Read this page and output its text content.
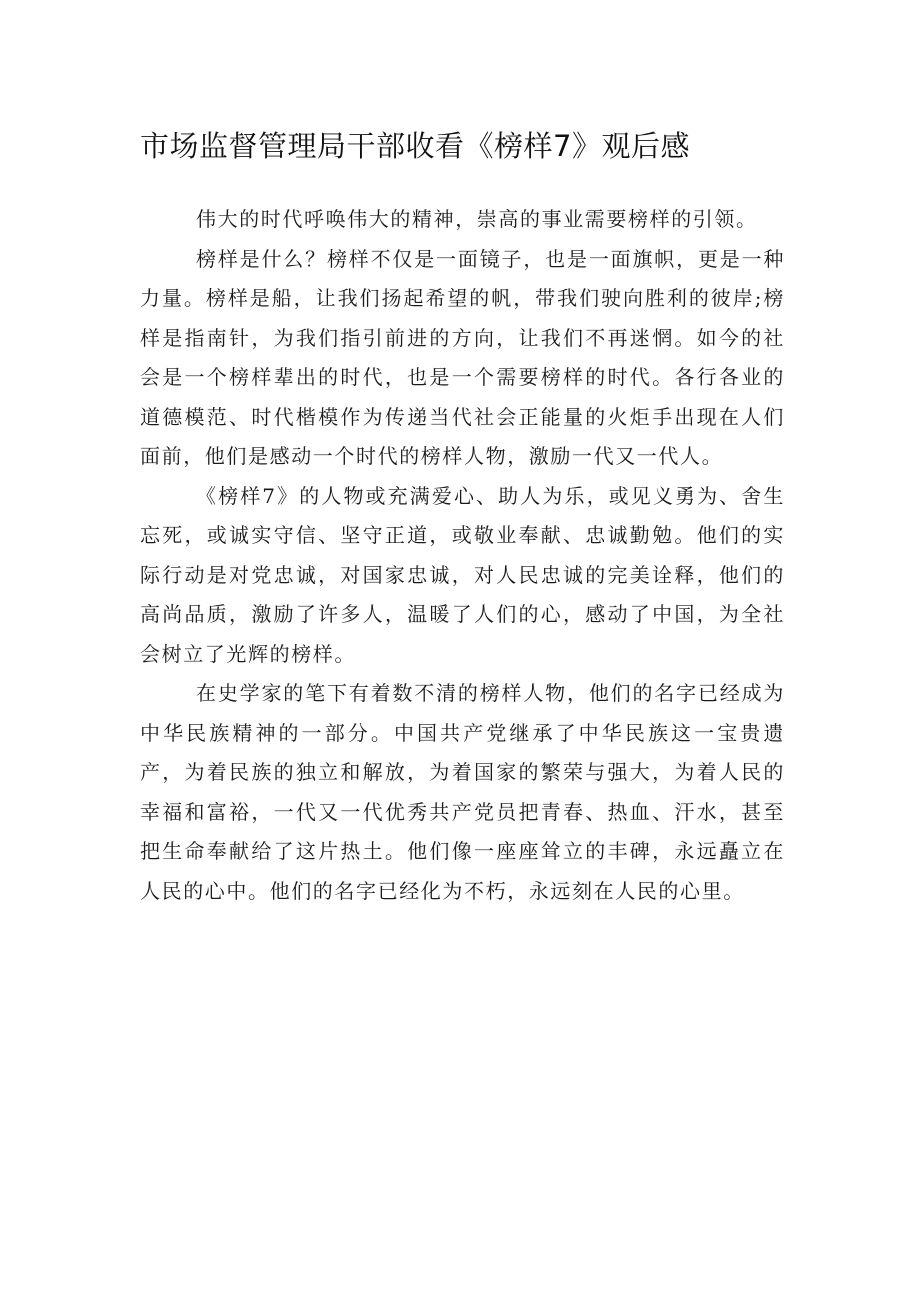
市场监督管理局干部收看《榜样7》观后感

伟大的时代呼唤伟大的精神，崇高的事业需要榜样的引领。

榜样是什么？榜样不仅是一面镜子，也是一面旗帜，更是一种力量。榜样是船，让我们扬起希望的帆，带我们驶向胜利的彼岸;榜样是指南针，为我们指引前进的方向，让我们不再迷惘。如今的社会是一个榜样辈出的时代，也是一个需要榜样的时代。各行各业的道德模范、时代楷模作为传递当代社会正能量的火炬手出现在人们面前，他们是感动一个时代的榜样人物，激励一代又一代人。

《榜样7》的人物或充满爱心、助人为乐，或见义勇为、舍生忘死，或诚实守信、坚守正道，或敬业奉献、忠诚勤勉。他们的实际行动是对党忠诚，对国家忠诚，对人民忠诚的完美诠释，他们的高尚品质，激励了许多人，温暖了人们的心，感动了中国，为全社会树立了光辉的榜样。

在史学家的笔下有着数不清的榜样人物，他们的名字已经成为中华民族精神的一部分。中国共产党继承了中华民族这一宝贵遗产，为着民族的独立和解放，为着国家的繁荣与强大，为着人民的幸福和富裕，一代又一代优秀共产党员把青春、热血、汗水，甚至把生命奉献给了这片热土。他们像一座座耸立的丰碑，永远矗立在人民的心中。他们的名字已经化为不朽，永远刻在人民的心里。
